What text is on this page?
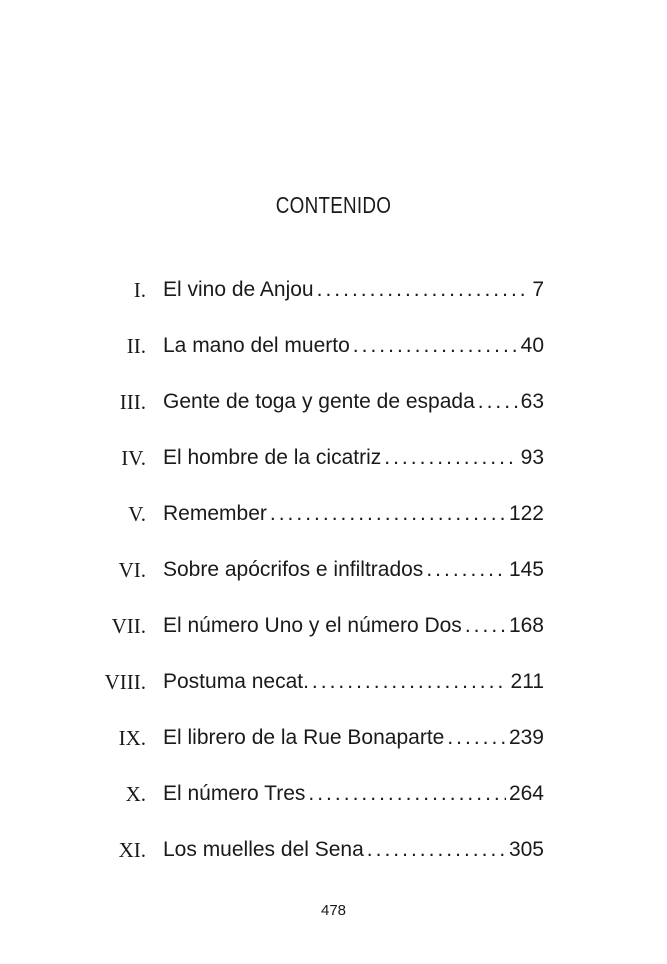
CONTENIDO
I. El vino de Anjou .....	7
II. La mano del muerto .....	40
III. Gente de toga y gente de espada ..... 63
IV. El hombre de la cicatriz .....	93
V. Remember .....	122
VI. Sobre apócrifos e infiltrados .....	145
VII. El número Uno y el número Dos ..... 168
VIII. Postuma necat. .....	211
IX. El librero de la Rue Bonaparte .....	239
X. El número Tres .....	264
XI. Los muelles del Sena .....	305
478
